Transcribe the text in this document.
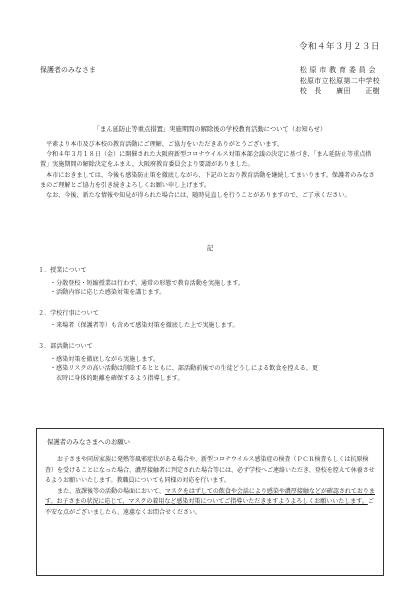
令和４年３月２３日
保護者のみなさま	松 原 市 教 育 委 員 会
松原市立松原第二中学校
校　長　　廣田　　正樹
「まん延防止等重点措置」実施期間の解除後の学校教育活動について（お知らせ）

平素より本市及び本校の教育活動にご理解、ご協力をいただきありがとうございます。

令和４年３月１８日（金）に開催された大阪府新型コロナウイルス対策本部会議の決定に基づき、「まん延防止等重点措置」実施期間の解除決定をふまえ、大阪府教育委員会より要請がありました。

本市におきましては、今後も感染防止策を徹底しながら、下記のとおり教育活動を継続してまいります。保護者のみなさまのご理解とご協力を引き続きよろしくお願い申し上げます。

なお、今後、新たな情報や知見が得られた場合には、随時見直しを行うことがありますので、ご了承ください。

記
１．授業について
・分散登校・短縮授業は行わず、通常の形態で教育活動を実施します。
・活動内容に応じた感染対策を講じます。
２．学校行事について
・来場者（保護者等）も含めて感染対策を徹底した上で実施します。
３．部活動について
・感染対策を徹底しながら実施します。
・感染リスクの高い活動は削除するとともに、部活動前後での生徒どうしによる飲食を控える、更
衣時に身体的距離を確保するよう指導します。
保護者のみなさまへのお願い

お子さまや同居家族に発熱等風邪症状がある場合や、新型コロナウイルス感染症の検査（ＰＣＲ検査もしくは抗原検査）を受けることになった場合、濃厚接触者に判定された場合等には、必ず学校へご連絡いただき、登校を控えて休養させるようお願いいたします。教職員についても同様の対応を行います。

また、放課後等の活動の場面において、マスクをはずしての飲食や会話により感染や濃厚接触などが確認されております。お子さまの状況に応じて、マスクの着用など感染対策についてご指導いただきますようよろしくお願いいたします。ご不安な点がございましたら、遠慮なくお問合せください。
